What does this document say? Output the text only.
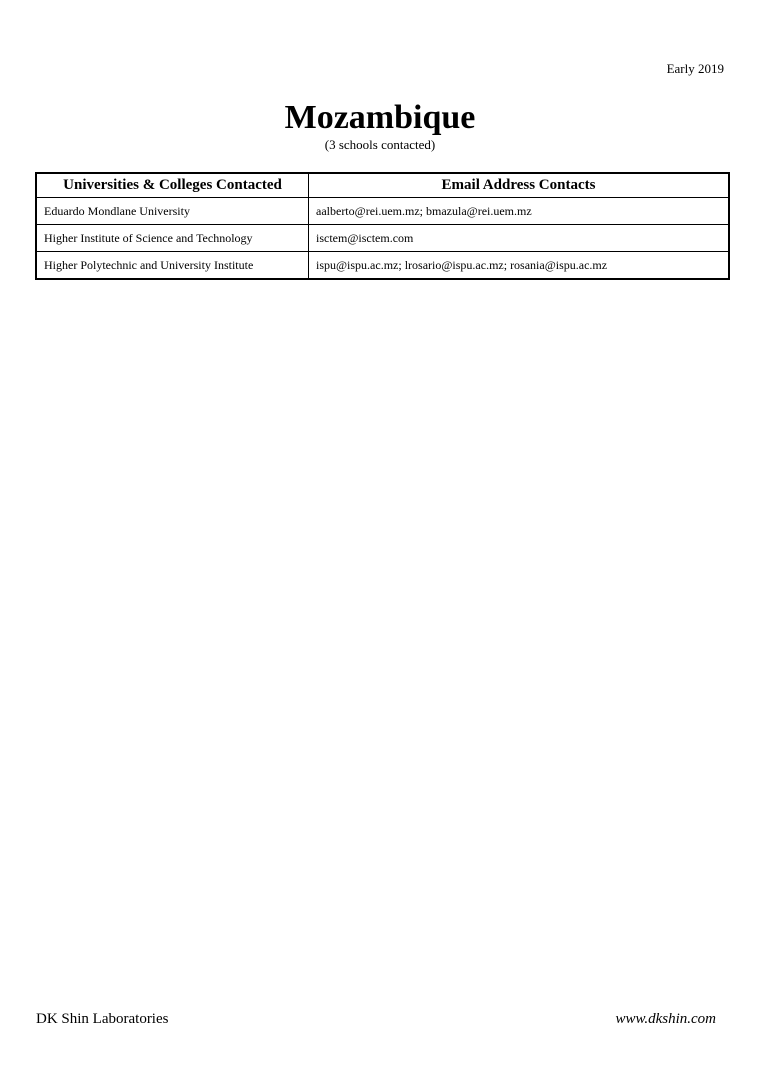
Early 2019
Mozambique
(3 schools contacted)
Universities & Colleges Contacted	Email Address Contacts
Eduardo Mondlane University	aalberto@rei.uem.mz; bmazula@rei.uem.mz
Higher Institute of Science and Technology	isctem@isctem.com
Higher Polytechnic and University Institute	ispu@ispu.ac.mz; lrosario@ispu.ac.mz; rosania@ispu.ac.mz
DK Shin Laboratories	www.dkshin.com
